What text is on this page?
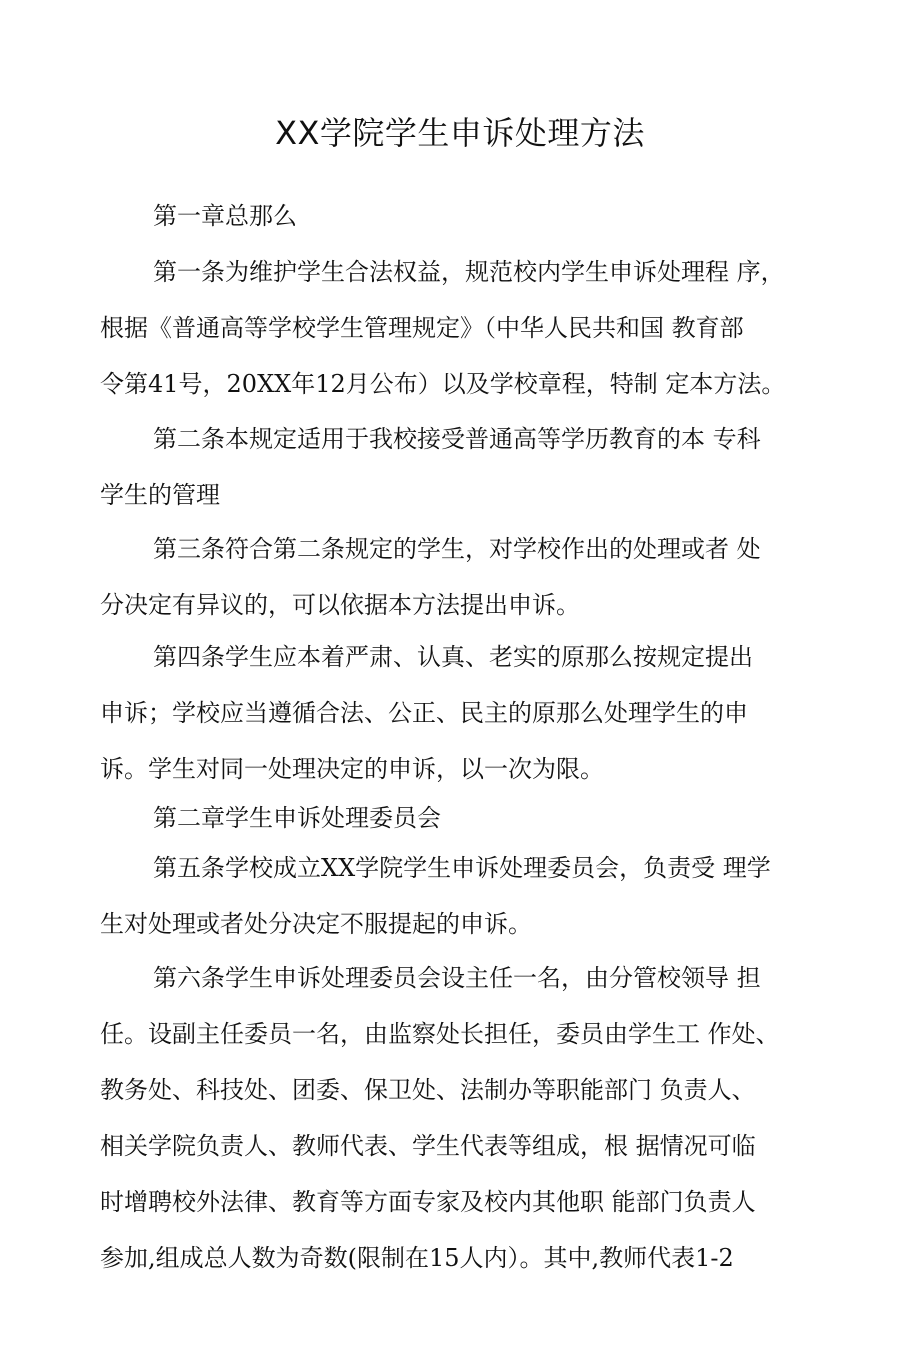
XX学院学生申诉处理方法
第一章总那么
第一条为维护学生合法权益，规范校内学生申诉处理程 序，
根据《普通高等学校学生管理规定》（中华人民共和国 教育部
令第41号，20XX年12月公布）以及学校章程，特制 定本方法。
第二条本规定适用于我校接受普通高等学历教育的本 专科
学生的管理
第三条符合第二条规定的学生，对学校作出的处理或者 处
分决定有异议的，可以依据本方法提出申诉。
第四条学生应本着严肃、认真、老实的原那么按规定提出
申诉；学校应当遵循合法、公正、民主的原那么处理学生的申
诉。学生对同一处理决定的申诉，以一次为限。
第二章学生申诉处理委员会
第五条学校成立XX学院学生申诉处理委员会，负责受 理学
生对处理或者处分决定不服提起的申诉。
第六条学生申诉处理委员会设主任一名，由分管校领导 担
任。设副主任委员一名，由监察处长担任，委员由学生工 作处、
教务处、科技处、团委、保卫处、法制办等职能部门 负责人、
相关学院负责人、教师代表、学生代表等组成，根 据情况可临
时增聘校外法律、教育等方面专家及校内其他职 能部门负责人
参加,组成总人数为奇数(限制在15人内）。其中,教师代表1-2
